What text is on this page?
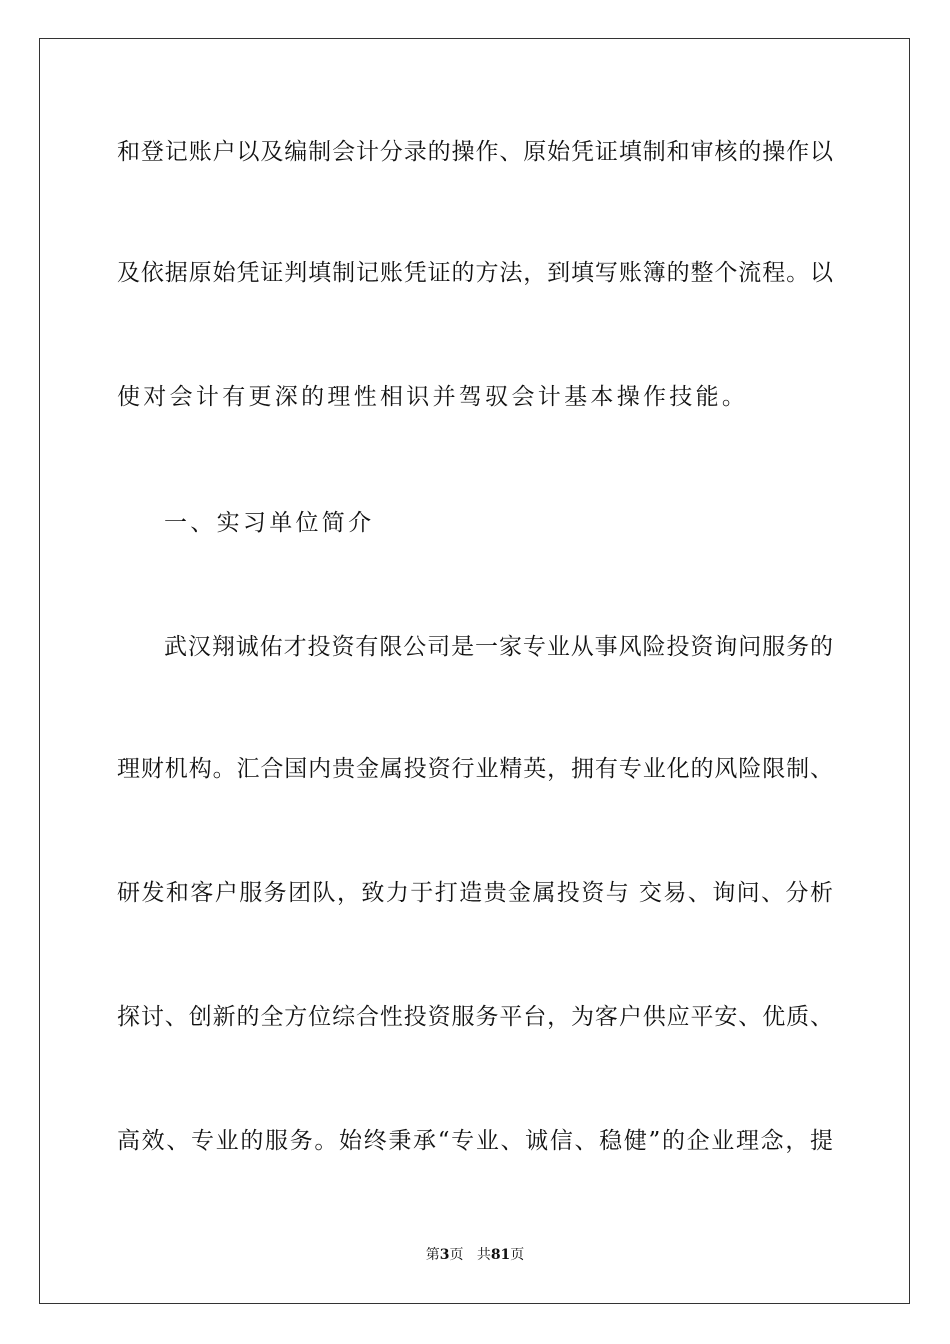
和登记账户以及编制会计分录的操作、原始凭证填制和审核的操作以
及依据原始凭证判填制记账凭证的方法，到填写账簿的整个流程。以
使对会计有更深的理性相识并驾驭会计基本操作技能。
一、实习单位简介
武汉翔诚佑才投资有限公司是一家专业从事风险投资询问服务的
理财机构。汇合国内贵金属投资行业精英，拥有专业化的风险限制、
研发和客户服务团队，致力于打造贵金属投资与 交易、询问、分析
探讨、创新的全方位综合性投资服务平台，为客户供应平安、优质、
高效、专业的服务。始终秉承“专业、诚信、稳健”的企业理念，提
第3页 共81页
